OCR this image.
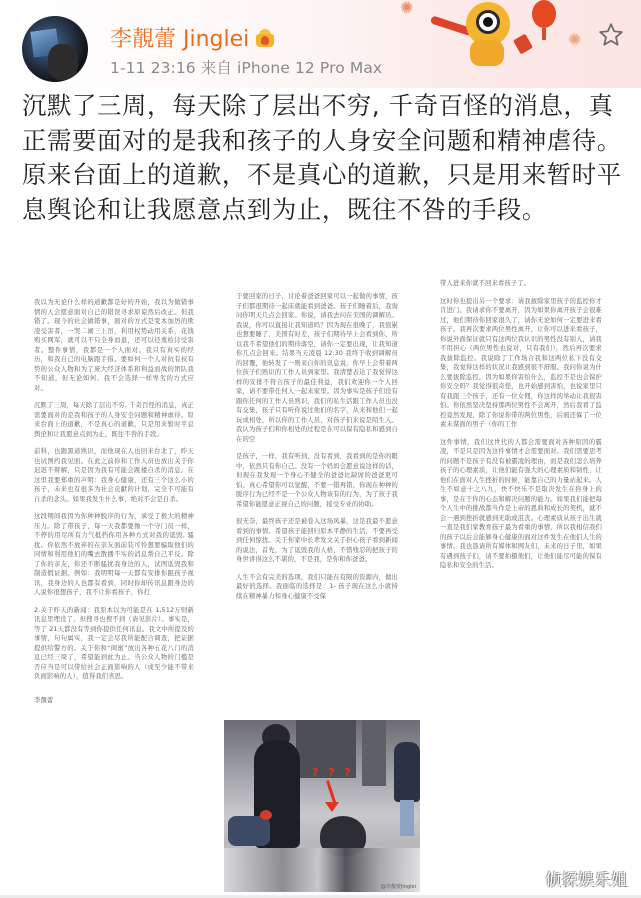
李靚蕾 Jinglei
1-11 23:16 来自 iPhone 12 Pro Max
✺
✺
沉默了三周，每天除了层出不穷, 千奇百怪的消息，真正需要面对的是我和孩子的人身安全问题和精神虐待。原来台面上的道歉，不是真心的道歉，只是用来暂时平息舆论和让我愿意点到为止，既往不咎的手段。

我以为无论什么样的道歉都是好的开始，我以为做错事情的人会愿意面对自己的错误寻求原谅然后改正。但我错了。现今的社会做错事，面对的方式是变本加厉的欺凌受害者，一哭二闹三上吊，利用权势动用关系，花钱购买网军，就可以不只全身而退，还可以径蔑检讨受害者。整件事情，我都是一个人面对。我只有真实的经历，和我自己的电脑跟手指。要如何一个人对抗有权有势的公众人物和为了庞大经济体系和利益而战的团队我不知道，但无论如何，我不会选择一样卑劣的方式应对。

沉默了三周，每天除了层出不穷, 千奇百怪的消息，真正需要面对的是我和孩子的人身安全问题和精神虐待。原来台面上的道歉，不是真心的道歉，只是用来暂时平息舆论和让我愿意点到为止，既往不咎的手段。

前科，也跟黑道熟识，而他现在人也回来台北了，昨天也试图约我见面。在此之前你和工作人员也放出关于你迟迟不辩解，只是因为我有可能会跳楼自杀的消息。在这里我要郑重的声明：我身心健康，还有三个这么小的孩子，未来也有很多为社会贡献的计划，完全不可能有自杀的念头。如果我发生什么事，绝对不会是自杀。

这段期间我因为你种种脱序的行为，承受了极大的精神压力。除了带孩子，每一天我都要像一个守门员一样，不停的用尽所有力气抵挡你用各种方式对我的诋毁, 骚扰。你依然不放弃的在亲友面前装可怜想要骗取他们的同情和利用他们的嘴去散播不实的消息帮自己平反。除了你的亲友，你还不断骚扰我身边的人，试图诋毁我和制造假证据。例如：我明明每一天都有安排你跟孩子视讯，我身边的人也都有看到，同时你却传讯息跟身边的人说你很想孩子，我不让你看孩子，你打

2.关于昨天的新闻：我原本以为可能是在 1,512万则新讯息里埋没了，但搜寻也搜不到（请见影片）。事实是，等了 21天都没有等到你提供任何讯息。我文中所提及的事情，句句属实，我一定会尽我所能配合调查，把证据提供给警方的。关于你和“闺蜜”放出各种五花八门的消息已经三周了，希望能到此为止。当公众人物的门槛是否应当是可以带给社会正面影响的人（或至少能不带来负面影响的人），值得我们省思。

李靚蕾

于要回家的日子，讨论着爸爸回家可以一起做的事情，孩子们都很期待一起床就能看到爸爸。孩子们睡着后，我询问你明天几点会回家。你说，请我去问在美国的调解员。我说，你可以直接让我知道吗？因为现在很晚了，我很累也想要睡了，美国有时差，孩子们期待早上会看到你，所以我不希望他们的期待落空，请你一定要出现，让我知道你几点会回来。结果当天凌晨 12:30 我终于收到调解员的回覆，他转发了一则来自你的讯息说，你早上会带着两位孩子们熟识的工作人员到家里。我清楚表达了我觉得这样的安排不符合孩子的最佳利益，我们欢迎你一个人回家，请不要带任何人一起来家里。因为事实是孩子们没有跟你任何的工作人员熟识，我们的私生活跟工作人员也没有交集，孩子只有听你说过他们的名字，从来和他们一起玩或相处，所以你的工作人员，对孩子们来说是陌生人。我认为孩子们和你相处的过程是在可以保有隐私和感到自在的空

是孩子，一样，我有听到，没有看到，我看到的是你的眼中，依然只有你自己。没有一个妈妈会愿意说这样的话，但现在我发现一个身心不健全的爸爸比缺席的爸爸更可怕。真心希望你可以觉醒，不要一错再错。你现在种种的脱序行为已经不是一个公众人物该有的行为，为了孩子我希望你能愿意正视自己的问题，接受专业的协助。

很无奈，最终孩子还是被卷入这场风暴，这是我最不愿意看到的事情。希望孩子能回归原本平静的生活，不要再受到任何惊扰。关于你家中长辈发文关于担心孩子看到新闻的说法，首先，为了诋毁我的人格，不惜残忍的把孩子的身世讲得这么不堪的，不是我，是你和你爸爸。

人生不会有完美的选项，我们只能在有限的资源内，做出最好的选择。我面临的选择是：1- 孩子现在这么小就持续在精神暴力和身心健康不受保

带人进来你就不回来看孩子了。

这时你也提出另一个要求：请我拔除家里孩子的监控你才肯进门。我请求你不要离开，因为如果你离开孩子会很难过，他们期待你回家很久了，请你无论如何一定要进来看孩子。我再次要求两位男性离开，让你可以进来看孩子，你说外面保证就只有这两位我认识的男性没有别人，请我不用担心（两位男性也说对，只有我们），然后再次要求我拔除监控。我说除了工作场合我和这两位私下没有交集，我觉得这样的状况让我感到很不舒服。我问你说为什么要拔除监控，因为如果你害怕什么，监控不是也会保护你安全吗？我觉得很奇怪，也开始感到害怕，也说家里只有我跟三个孩子，还有一位女佣，你这样的举动让我很害怕。你依然坚决坚持那两位男性不会离开，然后我看了监控竟然发现，除了你说你带的两位男性，后面还躲了一位素未谋面的男子（你的工作

这件事情，我们这世代的人都会需要面对各种原因的霸凌，不是只是因为这件事情才会需要面对。我们需要思考的问题不是孩子有没有被霸凌的理由，而是我们怎么培养孩子的心理素质，让他们能有强大的心理素质和韧性，让他们在面对人生挫折的时候，能靠自己的力量站起来。人生不如意十之八九，快不快乐不是取决发生在你身上的事，是在于你的心态和解决问题的能力。如果我们能把每个人生中的挑战都当作是上帝的恩典和成长的契机，就不会一遇到挫折就感到无助或沮丧。心理素质从孩子出生就一直是我们家教育孩子最为看重的事情，所以我相信我们的孩子以后会能够身心健康的面对这件发生在他们人生的事情。我也恳请所有媒体和网友们，未来的日子里，如果有遇到孩子们，请不要拍摄他们，让他们能尽可能的保有隐私和安全的生活。

? ? ?
@李靚蕾Jinglei	侦探娱乐姐
